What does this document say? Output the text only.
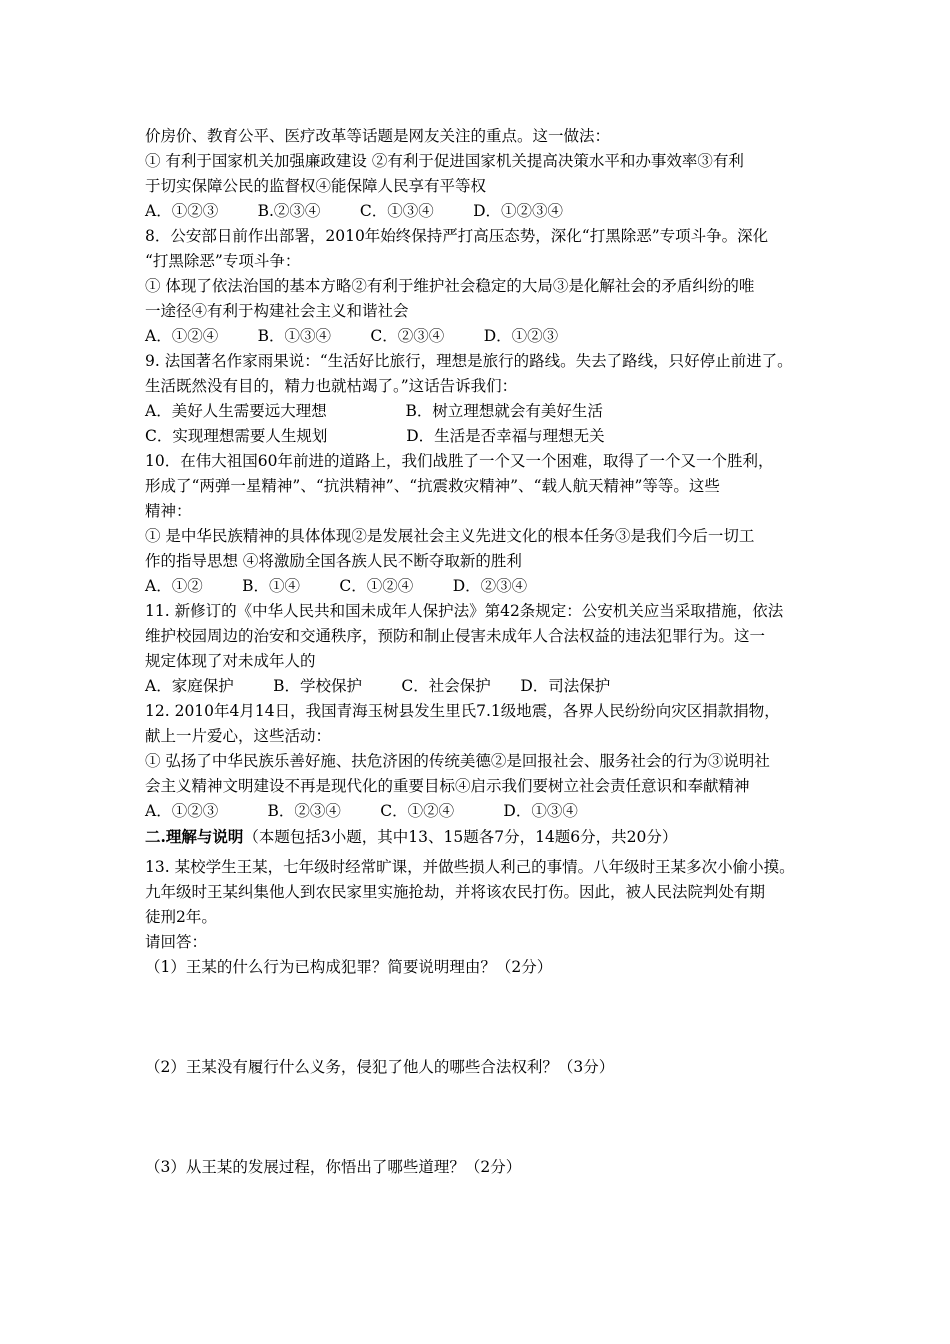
价房价、教育公平、医疗改革等话题是网友关注的重点。这一做法：
① 有利于国家机关加强廉政建设 ②有利于促进国家机关提高决策水平和办事效率③有利
于切实保障公民的监督权④能保障人民享有平等权
A．①②③        B.②③④        C．①③④        D．①②③④
8．公安部日前作出部署，2010年始终保持严打高压态势，深化“打黑除恶”专项斗争。深化
“打黑除恶”专项斗争：
① 体现了依法治国的基本方略②有利于维护社会稳定的大局③是化解社会的矛盾纠纷的唯
一途径④有利于构建社会主义和谐社会
A．①②④        B．①③④        C．②③④        D．①②③
9. 法国著名作家雨果说：“生活好比旅行，理想是旅行的路线。失去了路线，只好停止前进了。
生活既然没有目的，精力也就枯竭了。”这话告诉我们：
A．美好人生需要远大理想                B．树立理想就会有美好生活
C．实现理想需要人生规划                D．生活是否幸福与理想无关
10．在伟大祖国60年前进的道路上，我们战胜了一个又一个困难，取得了一个又一个胜利，
形成了“两弹一星精神”、“抗洪精神”、“抗震救灾精神”、“载人航天精神”等等。这些
精神：
① 是中华民族精神的具体体现②是发展社会主义先进文化的根本任务③是我们今后一切工
作的指导思想 ④将激励全国各族人民不断夺取新的胜利
A．①②        B．①④        C．①②④        D．②③④
11. 新修订的《中华人民共和国未成年人保护法》第42条规定：公安机关应当采取措施，依法
维护校园周边的治安和交通秩序，预防和制止侵害未成年人合法权益的违法犯罪行为。这一
规定体现了对未成年人的
A．家庭保护        B．学校保护        C．社会保护      D．司法保护
12. 2010年4月14日，我国青海玉树县发生里氏7.1级地震，各界人民纷纷向灾区捐款捐物，
献上一片爱心，这些活动：
① 弘扬了中华民族乐善好施、扶危济困的传统美德②是回报社会、服务社会的行为③说明社
会主义精神文明建设不再是现代化的重要目标④启示我们要树立社会责任意识和奉献精神
A．①②③          B．②③④        C．①②④          D．①③④
二.理解与说明（本题包括3小题，其中13、15题各7分，14题6分，共20分）
13. 某校学生王某，七年级时经常旷课，并做些损人利己的事情。八年级时王某多次小偷小摸。
九年级时王某纠集他人到农民家里实施抢劫，并将该农民打伤。因此，被人民法院判处有期
徒刑2年。
请回答：
（1）王某的什么行为已构成犯罪？简要说明理由？（2分）
（2）王某没有履行什么义务，侵犯了他人的哪些合法权利？（3分）
（3）从王某的发展过程，你悟出了哪些道理？（2分）
